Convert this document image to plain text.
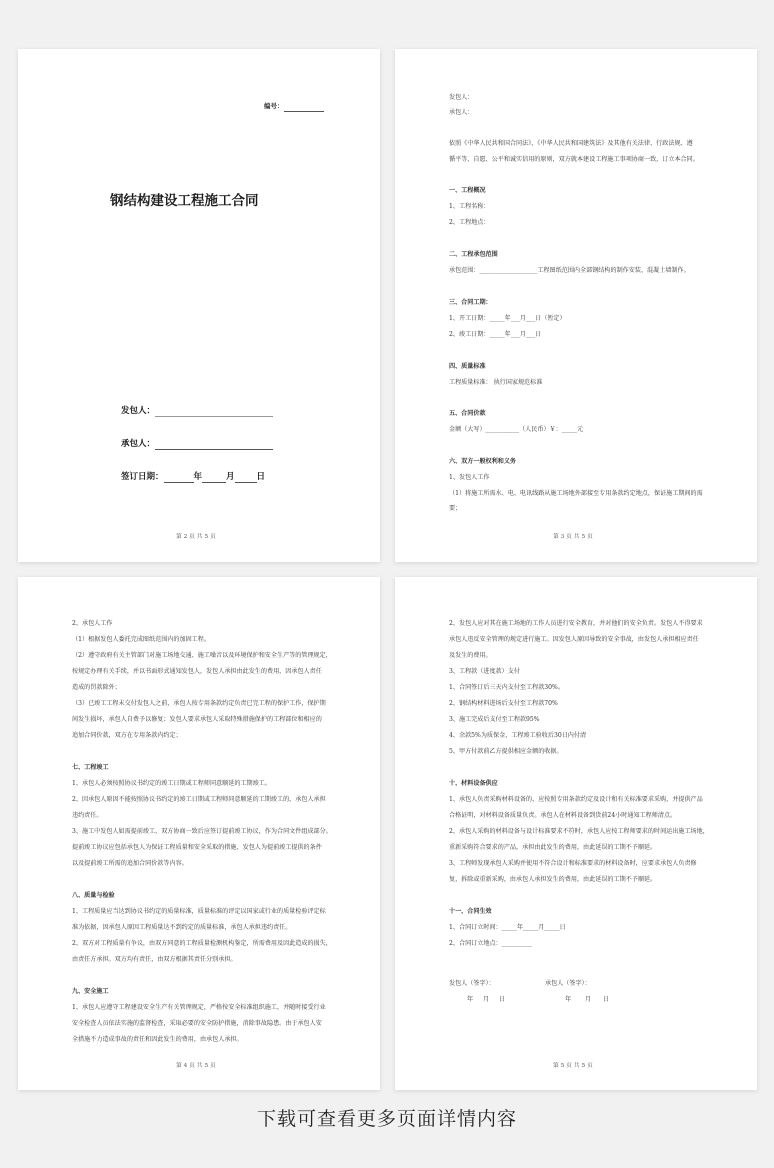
编号：
钢结构建设工程施工合同
发包人：
承包人：
签订日期：	年	月	日
第 2 页 共 5 页
发包人：
承包人：
依照《中华人民共和国合同法》、《中华人民共和国建筑法》及其他有关法律、行政法规、遵
循平等、自愿、公平和诚实信用的原则，双方就本建设工程施工事项协商一致，订立本合同。
一、工程概况
1、工程名称：
2、工程地点：
二、工程承包范围
承包范围：___________________工程图纸范围内全部钢结构的制作安装、混凝土墙制作。
三、合同工期：
1、开工日期：_____年___月___日（暂定）
2、竣工日期：_____年___月___日
四、质量标准
工程质量标准： 执行国家规范标准
五、合同价款
金额（大写）___________（人民币）￥：_____元
六、双方一般权利和义务
1、发包人工作
（1）将施工所需水、电、电讯线路从施工场地外部接至专用条款约定地点，保证施工期间的需
要；
第 3 页 共 5 页
2、承包人工作
（1）根据发包人委托完成图纸范围内的加固工程。
（2）遵守政府有关主管部门对施工场地交通、施工噪音以及环境保护和安全生产等的管理规定，
按规定办理有关手续，并以书面形式通知发包人，发包人承担由此发生的费用，因承包人责任
造成的罚款除外；
（3）已竣工工程未交付发包人之前，承包人按专用条款约定负责已完工程的保护工作，保护期
间发生损坏，承包人自费予以修复；发包人要求承包人采取特殊措施保护的工程部位和相应的
追加合同价款，双方在专用条款内约定；
七、工程竣工
1、承包人必须按照协议书约定的竣工日期或工程师同意顺延的工期竣工。
2、因承包人原因不能按照协议书约定的竣工日期或工程师同意顺延的工期竣工的，承包人承担
违约责任。
3、施工中发包人如需提前竣工，双方协商一致后应签订提前竣工协议，作为合同文件组成部分。
提前竣工协议应包括承包人为保证工程质量和安全采取的措施、发包人为提前竣工提供的条件
以及提前竣工所需的追加合同价款等内容。
八、质量与检验
1、工程质量应当达到协议书约定的质量标准，质量标准的评定以国家或行业的质量检验评定标
准为依据，因承包人原因工程质量达不到约定的质量标准，承包人承担违约责任。
2、双方对工程质量有争议，由双方同意的工程质量检测机构鉴定，所需费用及因此造成的损失，
由责任方承担。双方均有责任，由双方根据其责任分别承担。
九、安全施工
1、承包人应遵守工程建设安全生产有关管理规定，严格按安全标准组织施工，并随时接受行业
安全检查人员依法实施的监督检查，采取必要的安全防护措施，消除事故隐患。由于承包人安
全措施不力造成事故的责任和因此发生的费用，由承包人承担。
第 4 页 共 5 页
2、发包人应对其在施工场地的工作人员进行安全教育，并对他们的安全负责。发包人不得要求
承包人违反安全管理的规定进行施工。因发包人原因导致的安全事故，由发包人承担相应责任
及发生的费用。
3、工程款（进度款）支付
1、合同签订后三天内支付至工程款30%。
2、钢结构材料进场后支付至工程款70%
3、施工完成后支付至工程款95%
4、余款5%为质保金，工程竣工验收后30日内付清
5、甲方付款前乙方提供相应金额的收据。
十、材料设备供应
1、承包人负责采购材料设备的，应按照专用条款约定及设计和有关标准要求采购，并提供产品
合格证明，对材料设备质量负责。承包人在材料设备到货前24小时通知工程师清点。
2、承包人采购的材料设备与设计标准要求不符时，承包人应按工程师要求的时间运出施工场地，
重新采购符合要求的产品，承担由此发生的费用，由此延误的工期不予顺延。
3、工程师发现承包人采购并使用不符合设计和标准要求的材料设备时，应要求承包人负责修
复、拆除或重新采购，由承包人承担发生的费用，由此延误的工期不予顺延。
十一、合同生效
1、合同订立时间：_____年_____月_____日
2、合同订立地点：__________
发包人（签字）：	承包人（签字）：
年 月 日	年 月 日
第 5 页 共 5 页
下载可查看更多页面详情内容
